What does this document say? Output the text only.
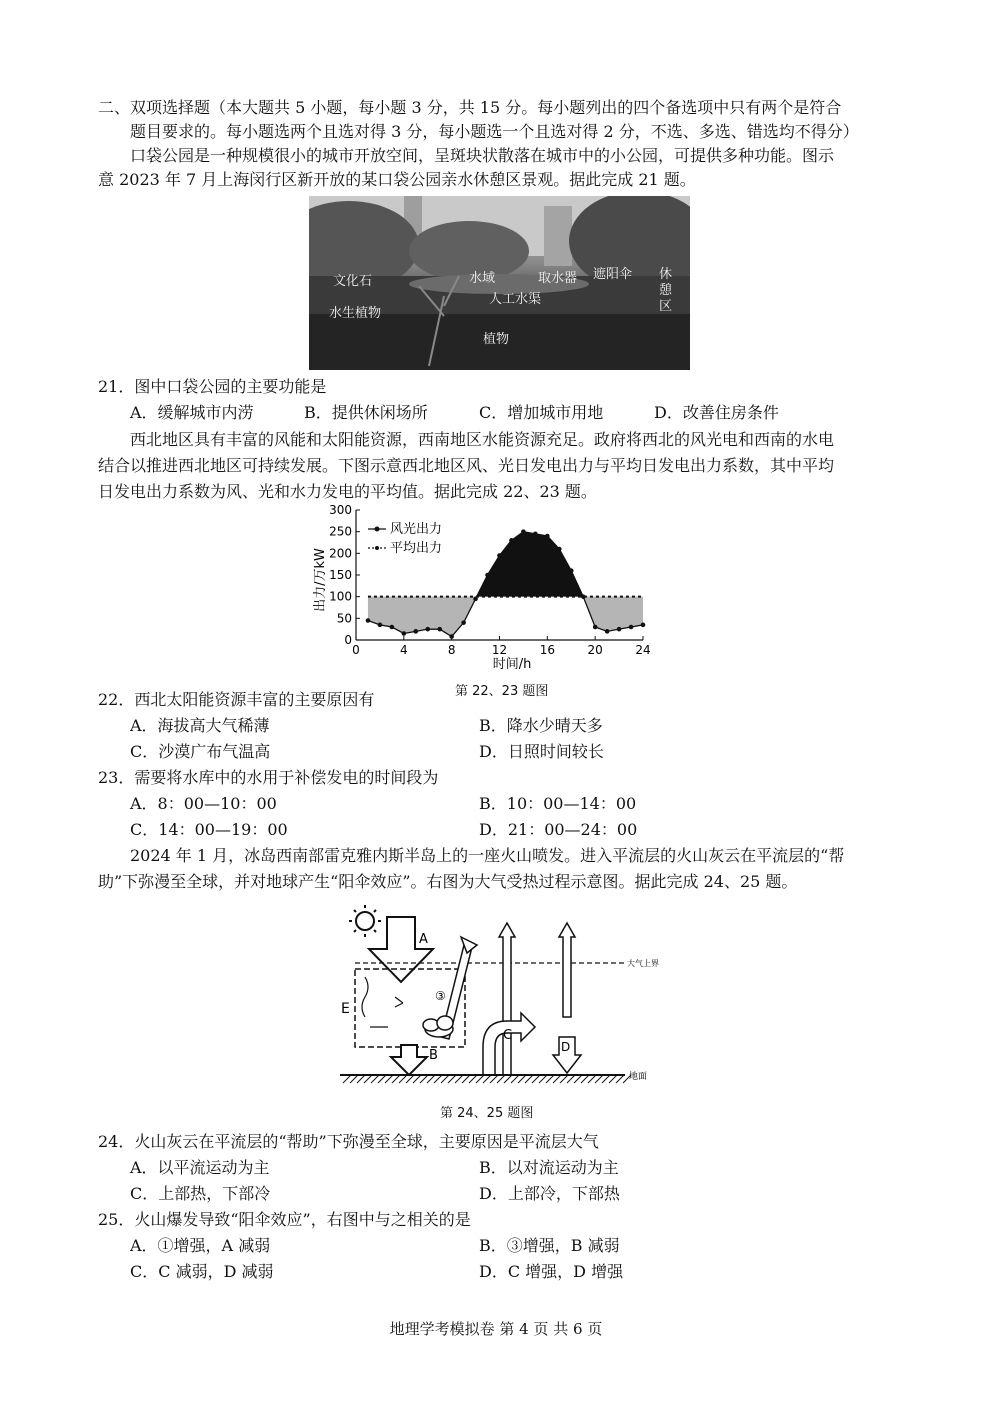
二、双项选择题（本大题共 5 小题，每小题 3 分，共 15 分。每小题列出的四个备选项中只有两个是符合
题目要求的。每小题选两个且选对得 3 分，每小题选一个且选对得 2 分，不选、多选、错选均不得分）
口袋公园是一种规模很小的城市开放空间，呈斑块状散落在城市中的小公园，可提供多种功能。图示
意 2023 年 7 月上海闵行区新开放的某口袋公园亲水休憩区景观。据此完成 21 题。
文化石	水域	取水器 遮阳伞 休
憩
区
人工水渠
水生植物
植物
21．图中口袋公园的主要功能是
A．缓解城市内涝	B．提供休闲场所	C．增加城市用地	D．改善住房条件
西北地区具有丰富的风能和太阳能资源，西南地区水能资源充足。政府将西北的风光电和西南的水电
结合以推进西北地区可持续发展。下图示意西北地区风、光日发电出力与平均日发电出力系数，其中平均
日发电出力系数为风、光和水力发电的平均值。据此完成 22、23 题。
0	4	8	12	16	20	24
0
50
100
150
200
250
300
出力/万kW
时间/h
风光出力
平均出力
第 22、23 题图
22．西北太阳能资源丰富的主要原因有
A．海拔高大气稀薄	B．降水少晴天多
C．沙漠广布气温高	D．日照时间较长
23．需要将水库中的水用于补偿发电的时间段为
A．8：00—10：00	B．10：00—14：00
C．14：00—19：00	D．21：00—24：00
2024 年 1 月，冰岛西南部雷克雅内斯半岛上的一座火山喷发。进入平流层的火山灰云在平流层的“帮
助”下弥漫至全球，并对地球产生“阳伞效应”。右图为大气受热过程示意图。据此完成 24、25 题。
A
大气上界
E
③
B
C
D
地面
第 24、25 题图
24．火山灰云在平流层的“帮助”下弥漫至全球，主要原因是平流层大气
A．以平流运动为主	B．以对流运动为主
C．上部热，下部冷	D．上部冷，下部热
25．火山爆发导致“阳伞效应”，右图中与之相关的是
A．①增强，A 减弱	B．③增强，B 减弱
C．C 减弱，D 减弱	D．C 增强，D 增强
地理学考模拟卷 第 4 页 共 6 页
